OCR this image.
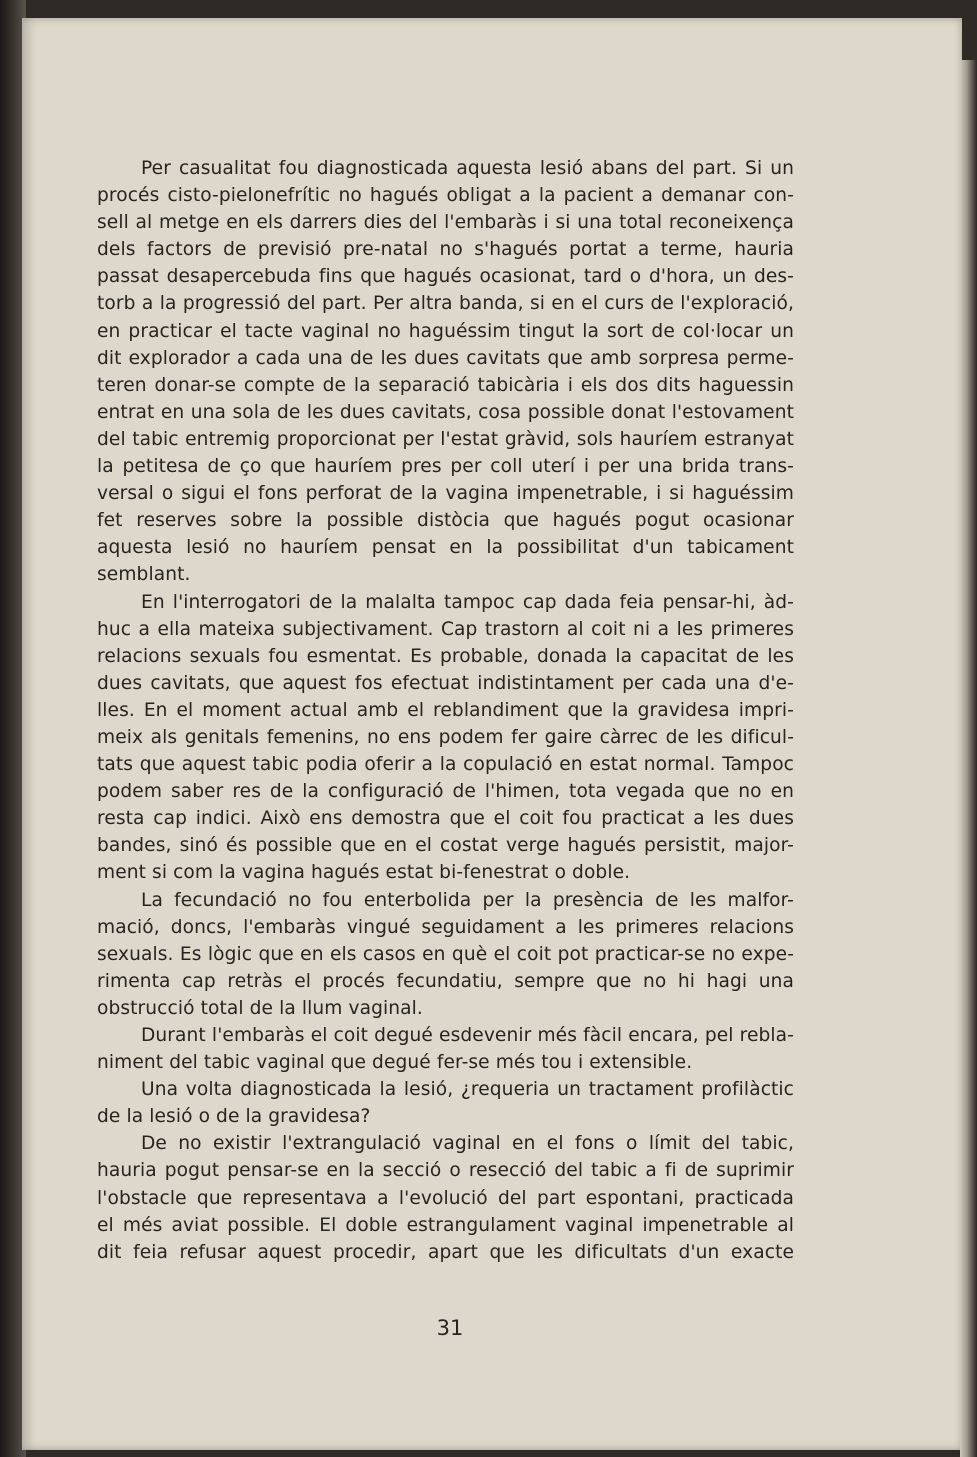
Per casualitat fou diagnosticada aquesta lesió abans del part. Si un
procés cisto-pielonefrític no hagués obligat a la pacient a demanar con-
sell al metge en els darrers dies del l'embaràs i si una total reconeixença
dels factors de previsió pre-natal no s'hagués portat a terme, hauria
passat desapercebuda fins que hagués ocasionat, tard o d'hora, un des-
torb a la progressió del part. Per altra banda, si en el curs de l'exploració,
en practicar el tacte vaginal no haguéssim tingut la sort de col·locar un
dit explorador a cada una de les dues cavitats que amb sorpresa perme-
teren donar-se compte de la separació tabicària i els dos dits haguessin
entrat en una sola de les dues cavitats, cosa possible donat l'estovament
del tabic entremig proporcionat per l'estat gràvid, sols hauríem estranyat
la petitesa de ço que hauríem pres per coll uterí i per una brida trans-
versal o sigui el fons perforat de la vagina impenetrable, i si haguéssim
fet reserves sobre la possible distòcia que hagués pogut ocasionar
aquesta lesió no hauríem pensat en la possibilitat d'un tabicament
semblant.
En l'interrogatori de la malalta tampoc cap dada feia pensar-hi, àd-
huc a ella mateixa subjectivament. Cap trastorn al coit ni a les primeres
relacions sexuals fou esmentat. Es probable, donada la capacitat de les
dues cavitats, que aquest fos efectuat indistintament per cada una d'e-
lles. En el moment actual amb el reblandiment que la gravidesa impri-
meix als genitals femenins, no ens podem fer gaire càrrec de les dificul-
tats que aquest tabic podia oferir a la copulació en estat normal. Tampoc
podem saber res de la configuració de l'himen, tota vegada que no en
resta cap indici. Això ens demostra que el coit fou practicat a les dues
bandes, sinó és possible que en el costat verge hagués persistit, major-
ment si com la vagina hagués estat bi-fenestrat o doble.
La fecundació no fou enterbolida per la presència de les malfor-
mació, doncs, l'embaràs vingué seguidament a les primeres relacions
sexuals. Es lògic que en els casos en què el coit pot practicar-se no expe-
rimenta cap retràs el procés fecundatiu, sempre que no hi hagi una
obstrucció total de la llum vaginal.
Durant l'embaràs el coit degué esdevenir més fàcil encara, pel rebla-
niment del tabic vaginal que degué fer-se més tou i extensible.
Una volta diagnosticada la lesió, ¿requeria un tractament profilàctic
de la lesió o de la gravidesa?
De no existir l'extrangulació vaginal en el fons o límit del tabic,
hauria pogut pensar-se en la secció o resecció del tabic a fi de suprimir
l'obstacle que representava a l'evolució del part espontani, practicada
el més aviat possible. El doble estrangulament vaginal impenetrable al
dit feia refusar aquest procedir, apart que les dificultats d'un exacte
31
